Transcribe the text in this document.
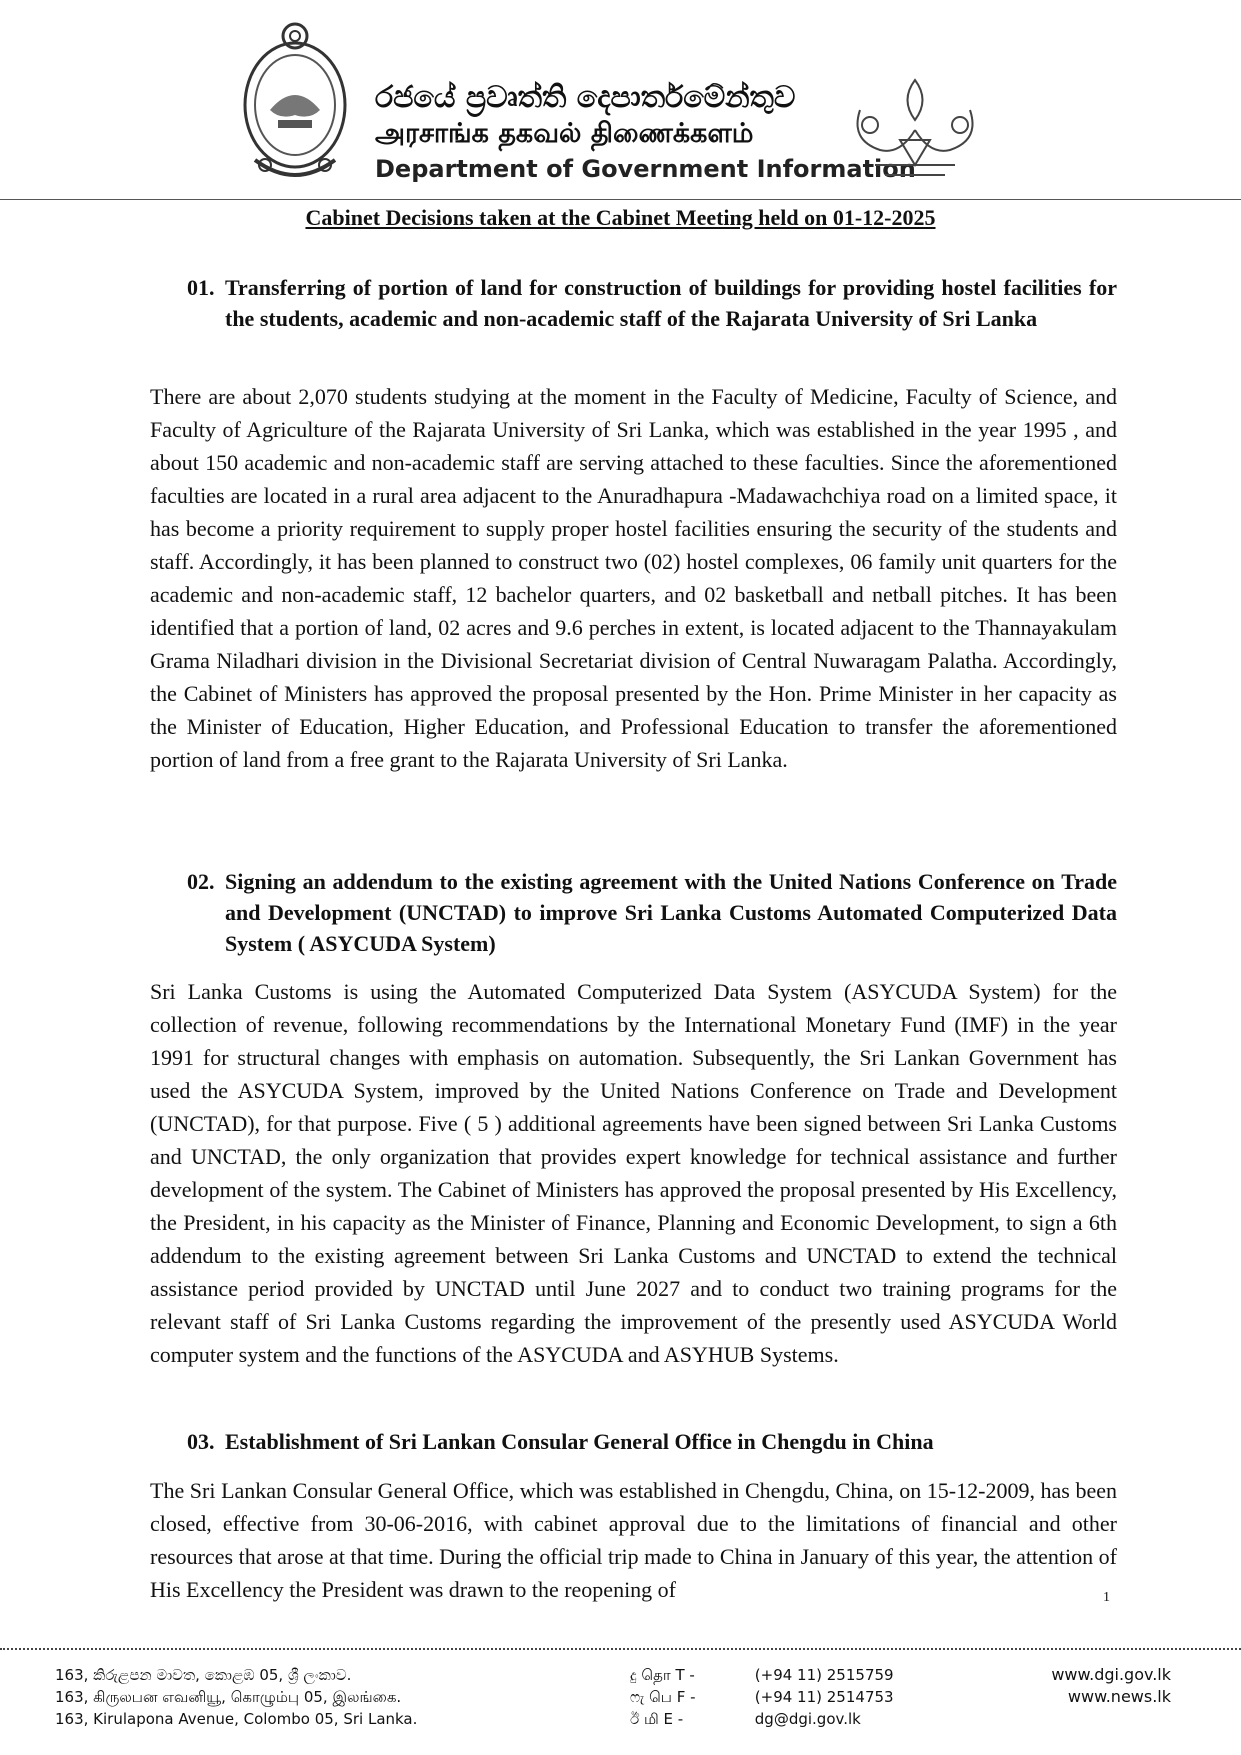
රජයේ ප්‍රවෘත්ති දෙපාර්තමේන්තුව
அரசாங்க தகவல் திணைக்களம்
Department of Government Information
Cabinet Decisions taken at the Cabinet Meeting held on 01-12-2025
01. Transferring of portion of land for construction of buildings for providing hostel facilities for the students, academic and non-academic staff of the Rajarata University of Sri Lanka
There are about 2,070 students studying at the moment in the Faculty of Medicine, Faculty of Science, and Faculty of Agriculture of the Rajarata University of Sri Lanka, which was established in the year 1995 , and about 150 academic and non-academic staff are serving attached to these faculties. Since the aforementioned faculties are located in a rural area adjacent to the Anuradhapura -Madawachchiya road on a limited space, it has become a priority requirement to supply proper hostel facilities ensuring the security of the students and staff. Accordingly, it has been planned to construct two (02) hostel complexes, 06 family unit quarters for the academic and non-academic staff, 12 bachelor quarters, and 02 basketball and netball pitches. It has been identified that a portion of land, 02 acres and 9.6 perches in extent, is located adjacent to the Thannayakulam Grama Niladhari division in the Divisional Secretariat division of Central Nuwaragam Palatha. Accordingly, the Cabinet of Ministers has approved the proposal presented by the Hon. Prime Minister in her capacity as the Minister of Education, Higher Education, and Professional Education to transfer the aforementioned portion of land from a free grant to the Rajarata University of Sri Lanka.
02. Signing an addendum to the existing agreement with the United Nations Conference on Trade and Development (UNCTAD) to improve Sri Lanka Customs Automated Computerized Data System ( ASYCUDA System)
Sri Lanka Customs is using the Automated Computerized Data System (ASYCUDA System) for the collection of revenue, following recommendations by the International Monetary Fund (IMF) in the year 1991 for structural changes with emphasis on automation. Subsequently, the Sri Lankan Government has used the ASYCUDA System, improved by the United Nations Conference on Trade and Development (UNCTAD), for that purpose. Five ( 5 ) additional agreements have been signed between Sri Lanka Customs and UNCTAD, the only organization that provides expert knowledge for technical assistance and further development of the system. The Cabinet of Ministers has approved the proposal presented by His Excellency, the President, in his capacity as the Minister of Finance, Planning and Economic Development, to sign a 6th addendum to the existing agreement between Sri Lanka Customs and UNCTAD to extend the technical assistance period provided by UNCTAD until June 2027 and to conduct two training programs for the relevant staff of Sri Lanka Customs regarding the improvement of the presently used ASYCUDA World computer system and the functions of the ASYCUDA and ASYHUB Systems.
03. Establishment of Sri Lankan Consular General Office in Chengdu in China
The Sri Lankan Consular General Office, which was established in Chengdu, China, on 15-12-2009, has been closed, effective from 30-06-2016, with cabinet approval due to the limitations of financial and other resources that arose at that time. During the official trip made to China in January of this year, the attention of His Excellency the President was drawn to the reopening of	1
163, කිරුළපන මාවත, කොළඹ 05, ශ්‍රී ලංකාව.
163, கிருலபன எவனியூ, கொழும்பு 05, இலங்கை.
163, Kirulapona Avenue, Colombo 05, Sri Lanka.
දු தொ T -	(+94 11) 2515759
ෆැ பெ F -	(+94 11) 2514753
ඊ மி E -	dg@dgi.gov.lk
www.dgi.gov.lk
www.news.lk
